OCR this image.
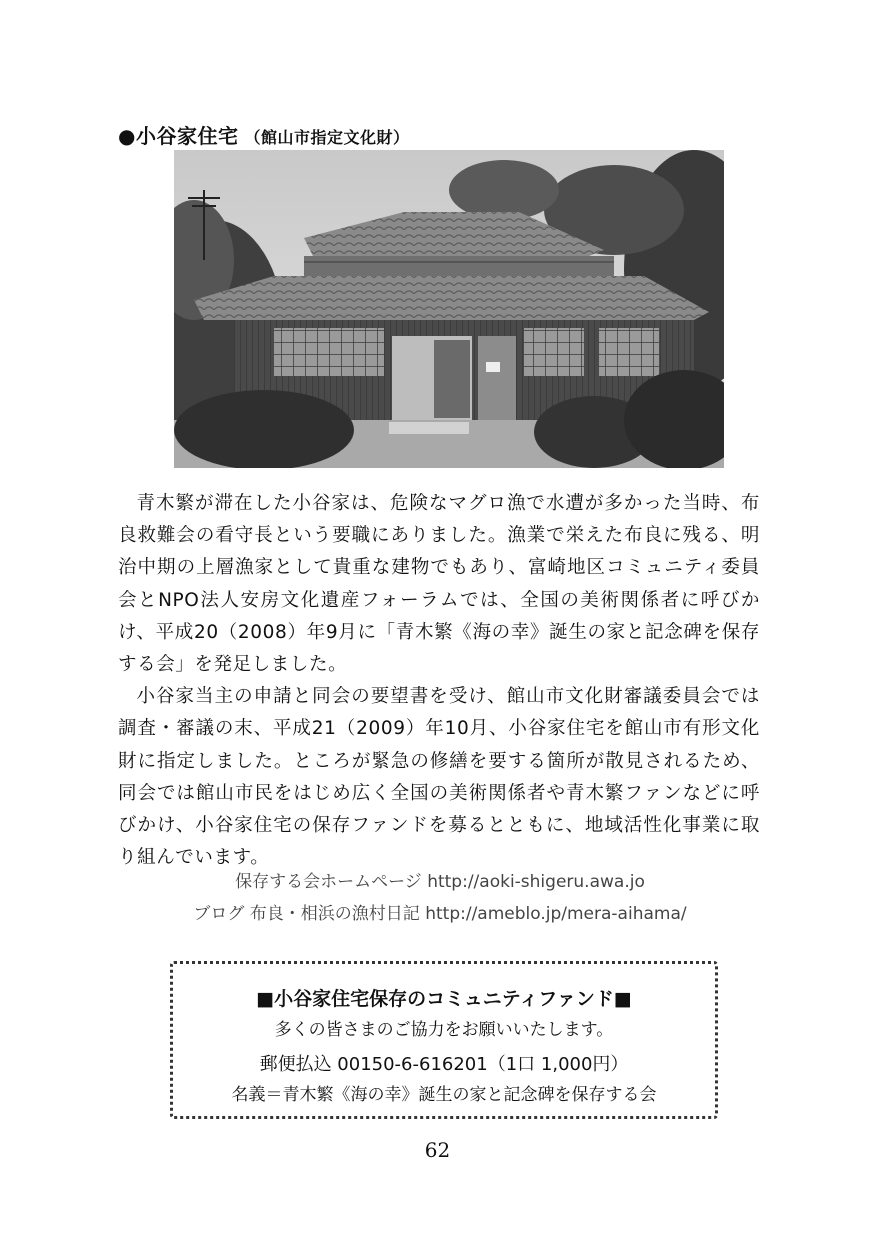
●小谷家住宅 （館山市指定文化財）

青木繁が滞在した小谷家は、危険なマグロ漁で水遭が多かった当時、布良救難会の看守長という要職にありました。漁業で栄えた布良に残る、明治中期の上層漁家として貴重な建物でもあり、富崎地区コミュニティ委員会とNPO法人安房文化遺産フォーラムでは、全国の美術関係者に呼びかけ、平成20（2008）年9月に「青木繁《海の幸》誕生の家と記念碑を保存する会」を発足しました。

小谷家当主の申請と同会の要望書を受け、館山市文化財審議委員会では調査・審議の末、平成21（2009）年10月、小谷家住宅を館山市有形文化財に指定しました。ところが緊急の修繕を要する箇所が散見されるため、同会では館山市民をはじめ広く全国の美術関係者や青木繁ファンなどに呼びかけ、小谷家住宅の保存ファンドを募るとともに、地域活性化事業に取り組んでいます。

保存する会ホームページ http://aoki-shigeru.awa.jo
ブログ 布良・相浜の漁村日記 http://ameblo.jp/mera-aihama/
■小谷家住宅保存のコミュニティファンド■
多くの皆さまのご協力をお願いいたします。
郵便払込 00150-6-616201（1口 1,000円）
名義＝青木繁《海の幸》誕生の家と記念碑を保存する会
62
